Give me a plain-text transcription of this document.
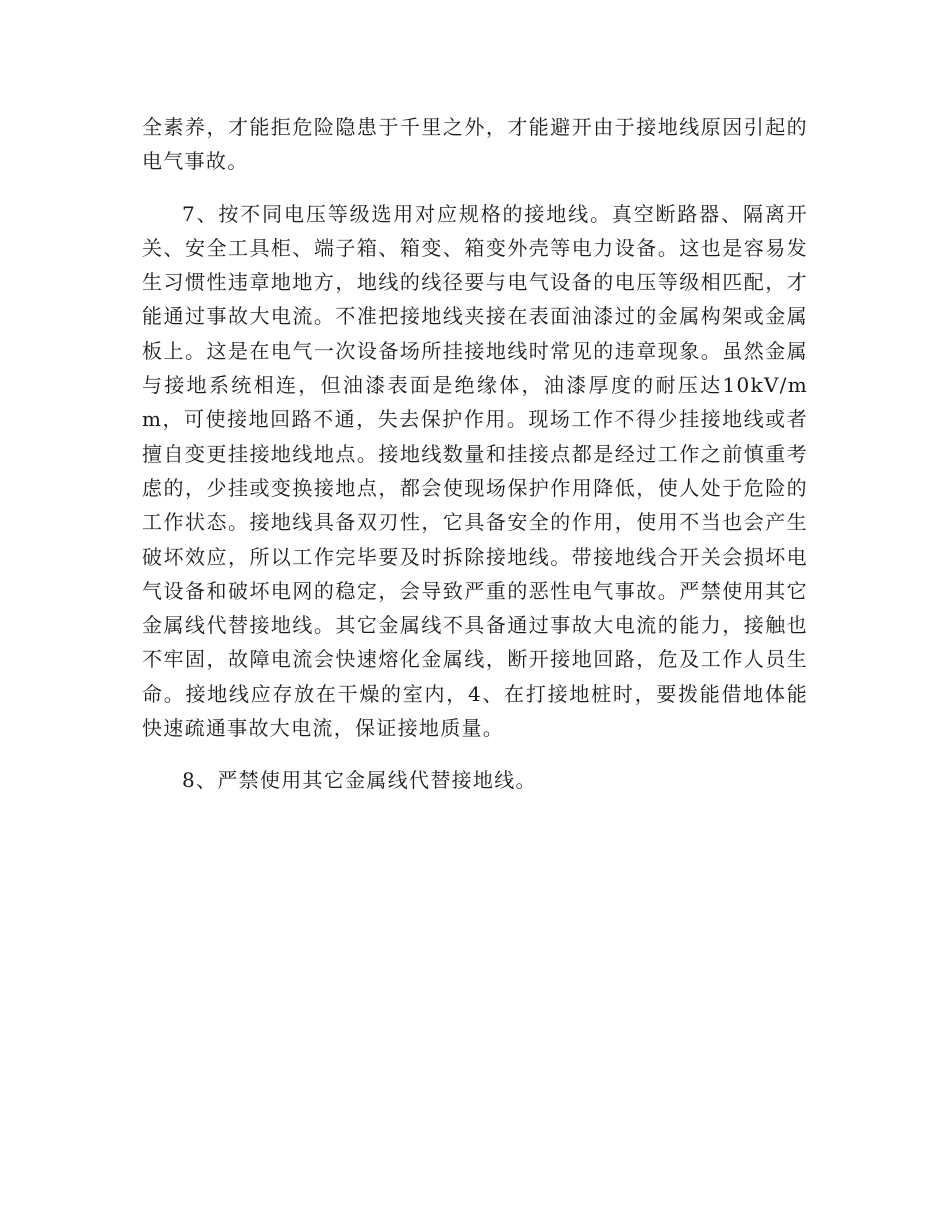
全素养，才能拒危险隐患于千里之外，才能避开由于接地线原因引起的电气事故。

7、按不同电压等级选用对应规格的接地线。真空断路器、隔离开关、安全工具柜、端子箱、箱变、箱变外壳等电力设备。这也是容易发生习惯性违章地地方，地线的线径要与电气设备的电压等级相匹配，才能通过事故大电流。不准把接地线夹接在表面油漆过的金属构架或金属板上。这是在电气一次设备场所挂接地线时常见的违章现象。虽然金属与接地系统相连，但油漆表面是绝缘体，油漆厚度的耐压达10kV/mm，可使接地回路不通，失去保护作用。现场工作不得少挂接地线或者擅自变更挂接地线地点。接地线数量和挂接点都是经过工作之前慎重考虑的，少挂或变换接地点，都会使现场保护作用降低，使人处于危险的工作状态。接地线具备双刃性，它具备安全的作用，使用不当也会产生破坏效应，所以工作完毕要及时拆除接地线。带接地线合开关会损坏电气设备和破坏电网的稳定，会导致严重的恶性电气事故。严禁使用其它金属线代替接地线。其它金属线不具备通过事故大电流的能力，接触也不牢固，故障电流会快速熔化金属线，断开接地回路，危及工作人员生命。接地线应存放在干燥的室内，4、在打接地桩时，要拨能借地体能快速疏通事故大电流，保证接地质量。

8、严禁使用其它金属线代替接地线。
